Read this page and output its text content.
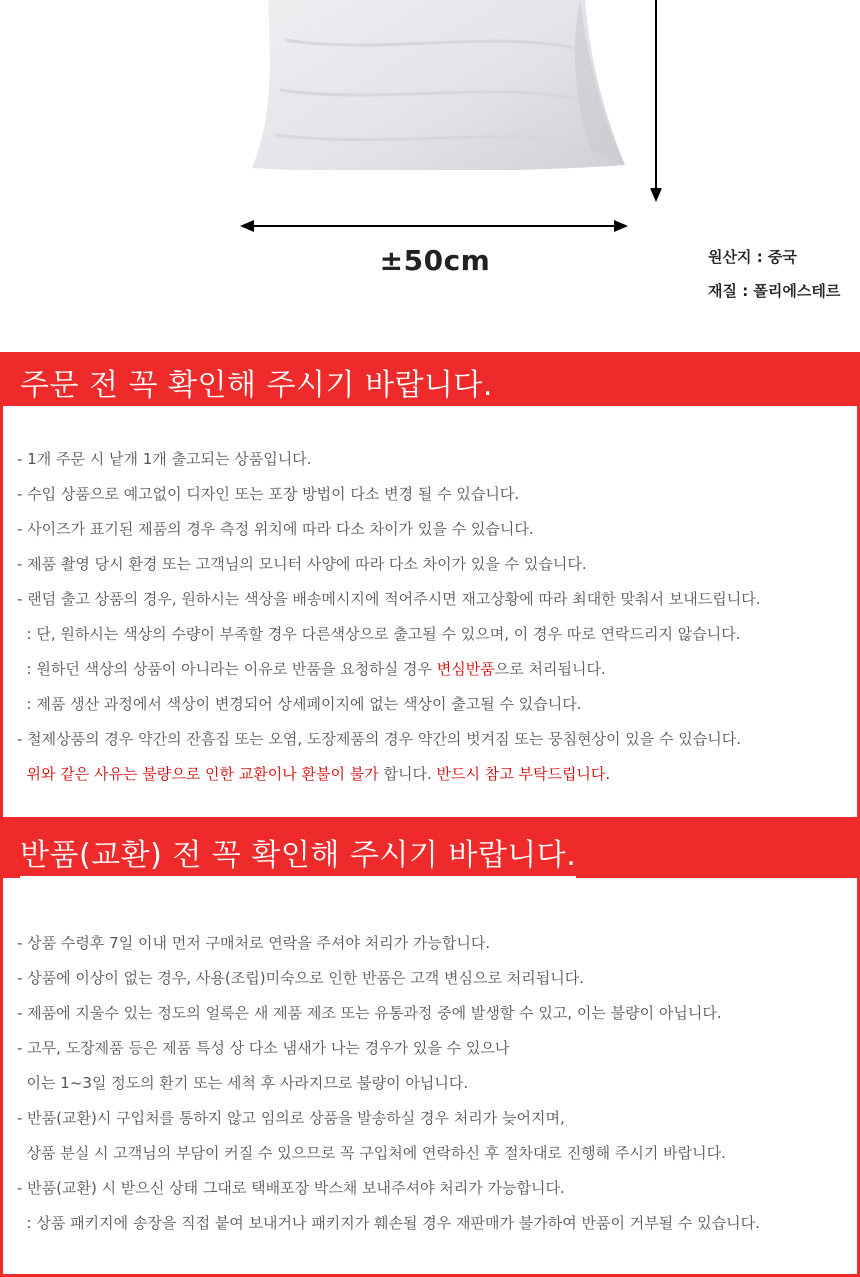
±50cm	원산지 : 중국
재질 : 폴리에스테르
주문 전 꼭 확인해 주시기 바랍니다.
- 1개 주문 시 낱개 1개 출고되는 상품입니다.
- 수입 상품으로 예고없이 디자인 또는 포장 방법이 다소 변경 될 수 있습니다.
- 사이즈가 표기된 제품의 경우 측정 위치에 따라 다소 차이가 있을 수 있습니다.
- 제품 촬영 당시 환경 또는 고객님의 모니터 사양에 따라 다소 차이가 있을 수 있습니다.
- 랜덤 출고 상품의 경우, 원하시는 색상을 배송메시지에 적어주시면 재고상황에 따라 최대한 맞춰서 보내드립니다.
: 단, 원하시는 색상의 수량이 부족할 경우 다른색상으로 출고될 수 있으며, 이 경우 따로 연락드리지 않습니다.
: 원하던 색상의 상품이 아니라는 이유로 반품을 요청하실 경우 변심반품으로 처리됩니다.
: 제품 생산 과정에서 색상이 변경되어 상세페이지에 없는 색상이 출고될 수 있습니다.
- 철제상품의 경우 약간의 잔흠집 또는 오염, 도장제품의 경우 약간의 벗겨짐 또는 뭉침현상이 있을 수 있습니다.
위와 같은 사유는 불량으로 인한 교환이나 환불이 불가 합니다. 반드시 참고 부탁드립니다.
반품(교환) 전 꼭 확인해 주시기 바랍니다.
- 상품 수령후 7일 이내 먼저 구매처로 연락을 주셔야 처리가 가능합니다.
- 상품에 이상이 없는 경우, 사용(조립)미숙으로 인한 반품은 고객 변심으로 처리됩니다.
- 제품에 지울수 있는 정도의 얼룩은 새 제품 제조 또는 유통과정 중에 발생할 수 있고, 이는 불량이 아닙니다.
- 고무, 도장제품 등은 제품 특성 상 다소 냄새가 나는 경우가 있을 수 있으나
이는 1~3일 정도의 환기 또는 세척 후 사라지므로 불량이 아닙니다.
- 반품(교환)시 구입처를 통하지 않고 임의로 상품을 발송하실 경우 처리가 늦어지며,
상품 분실 시 고객님의 부담이 커질 수 있으므로 꼭 구입처에 연락하신 후 절차대로 진행해 주시기 바랍니다.
- 반품(교환) 시 받으신 상태 그대로 택배포장 박스채 보내주셔야 처리가 가능합니다.
: 상품 패키지에 송장을 직접 붙여 보내거나 패키지가 훼손될 경우 재판매가 불가하여 반품이 거부될 수 있습니다.
